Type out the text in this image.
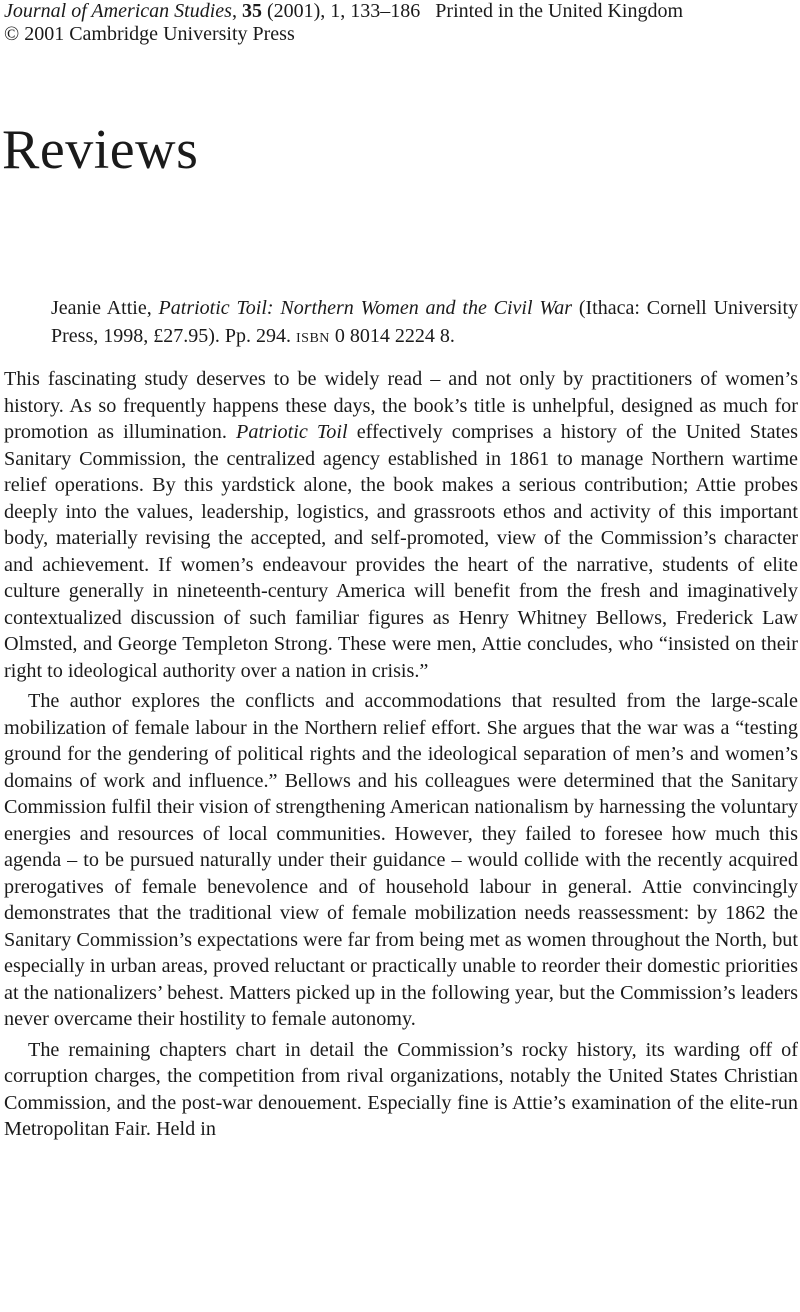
Journal of American Studies, 35 (2001), 1, 133–186 Printed in the United Kingdom
© 2001 Cambridge University Press
Reviews
Jeanie Attie, Patriotic Toil: Northern Women and the Civil War (Ithaca: Cornell University Press, 1998, £27.95). Pp. 294. isbn 0 8014 2224 8.

This fascinating study deserves to be widely read – and not only by practitioners of women’s history. As so frequently happens these days, the book’s title is unhelpful, designed as much for promotion as illumination. Patriotic Toil effectively comprises a history of the United States Sanitary Commission, the centralized agency established in 1861 to manage Northern wartime relief operations. By this yardstick alone, the book makes a serious contribution; Attie probes deeply into the values, leadership, logistics, and grassroots ethos and activity of this important body, materially revising the accepted, and self-promoted, view of the Commission’s character and achievement. If women’s endeavour provides the heart of the narrative, students of elite culture generally in nineteenth-century America will benefit from the fresh and imaginatively contextualized discussion of such familiar figures as Henry Whitney Bellows, Frederick Law Olmsted, and George Templeton Strong. These were men, Attie concludes, who “insisted on their right to ideological authority over a nation in crisis.”

The author explores the conflicts and accommodations that resulted from the large-scale mobilization of female labour in the Northern relief effort. She argues that the war was a “testing ground for the gendering of political rights and the ideological separation of men’s and women’s domains of work and influence.” Bellows and his colleagues were determined that the Sanitary Commission fulfil their vision of strengthening American nationalism by harnessing the voluntary energies and resources of local communities. However, they failed to foresee how much this agenda – to be pursued naturally under their guidance – would collide with the recently acquired prerogatives of female benevolence and of household labour in general. Attie convincingly demonstrates that the traditional view of female mobilization needs reassessment: by 1862 the Sanitary Commission’s expectations were far from being met as women throughout the North, but especially in urban areas, proved reluctant or practically unable to reorder their domestic priorities at the nationalizers’ behest. Matters picked up in the following year, but the Commission’s leaders never overcame their hostility to female autonomy.

The remaining chapters chart in detail the Commission’s rocky history, its warding off of corruption charges, the competition from rival organizations, notably the United States Christian Commission, and the post-war denouement. Especially fine is Attie’s examination of the elite-run Metropolitan Fair. Held in
